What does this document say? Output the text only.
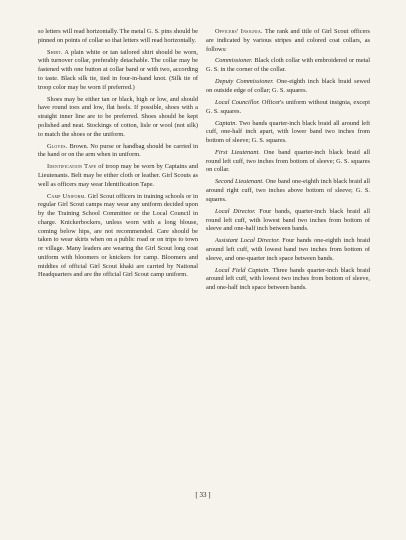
so letters will read horizontally. The metal G. S. pins should be pinned on points of collar so that letters will read horizontally.

Shirt. A plain white or tan tailored shirt should be worn, with turnover collar, preferably detachable. The collar may be fastened with one button at collar band or with two, according to taste. Black silk tie, tied in four-in-hand knot. (Silk tie of troop color may be worn if preferred.)

Shoes may be either tan or black, high or low, and should have round toes and low, flat heels. If possible, shoes with a straight inner line are to be preferred. Shoes should be kept polished and neat. Stockings of cotton, lisle or wool (not silk) to match the shoes or the uniform.

Gloves. Brown. No purse or handbag should be carried in the hand or on the arm when in uniform.

Identification Tape of troop may be worn by Captains and Lieutenants. Belt may be either cloth or leather. Girl Scouts as well as officers may wear Identification Tape.

Camp Uniform. Girl Scout officers in training schools or in regular Girl Scout camps may wear any uniform decided upon by the Training School Committee or the Local Council in charge. Knickerbockers, unless worn with a long blouse, coming below hips, are not recommended. Care should be taken to wear skirts when on a public road or on trips to town or village. Many leaders are wearing the Girl Scout long coat uniform with bloomers or knickers for camp. Bloomers and middies of official Girl Scout khaki are carried by National Headquarters and are the official Girl Scout camp uniform.

Officers' Insignia. The rank and title of Girl Scout officers are indicated by various stripes and colored coat collars, as follows:

Commissioner. Black cloth collar with embroidered or metal G. S. in the corner of the collar.

Deputy Commissioner. One-eighth inch black braid sewed on outside edge of collar; G. S. squares.

Local Councillor. Officer's uniform without insignia, except G. S. squares.

Captain. Two bands quarter-inch black braid all around left cuff, one-half inch apart, with lower band two inches from bottom of sleeve; G. S. squares.

First Lieutenant. One band quarter-inch black braid all round left cuff, two inches from bottom of sleeve; G. S. squares on collar.

Second Lieutenant. One band one-eighth inch black braid all around right cuff, two inches above bottom of sleeve; G. S. squares.

Local Director. Four bands, quarter-inch black braid all round left cuff, with lowest band two inches from bottom of sleeve and one-half inch between bands.

Assistant Local Director. Four bands one-eighth inch braid around left cuff, with lowest band two inches from bottom of sleeve, and one-quarter inch space between bands.

Local Field Captain. Three bands quarter-inch black braid around left cuff, with lowest two inches from bottom of sleeve, and one-half inch space between bands.

[ 33 ]
